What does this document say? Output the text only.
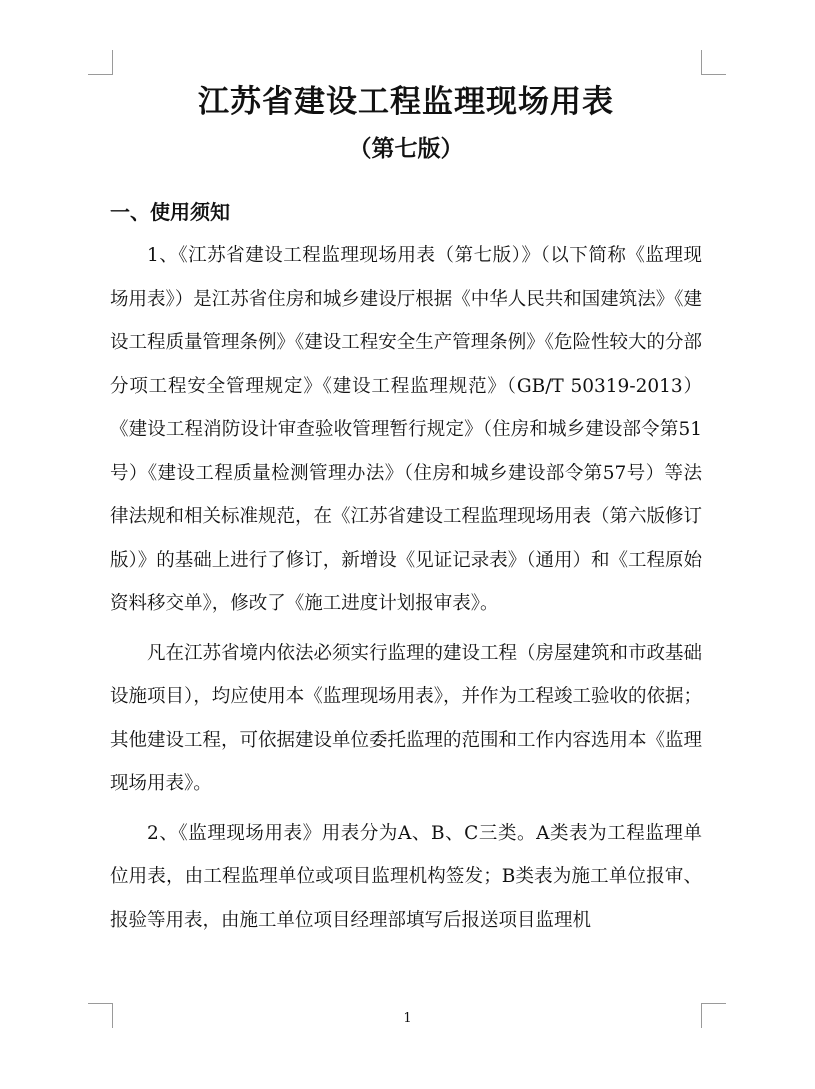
江苏省建设工程监理现场用表
（第七版）
一、使用须知

1、《江苏省建设工程监理现场用表（第七版）》（以下简称《监理现场用表》）是江苏省住房和城乡建设厅根据《中华人民共和国建筑法》《建设工程质量管理条例》《建设工程安全生产管理条例》《危险性较大的分部分项工程安全管理规定》《建设工程监理规范》（GB/T 50319-2013）《建设工程消防设计审查验收管理暂行规定》（住房和城乡建设部令第51号）《建设工程质量检测管理办法》（住房和城乡建设部令第57号）等法律法规和相关标准规范，在《江苏省建设工程监理现场用表（第六版修订版）》的基础上进行了修订，新增设《见证记录表》（通用）和《工程原始资料移交单》，修改了《施工进度计划报审表》。

凡在江苏省境内依法必须实行监理的建设工程（房屋建筑和市政基础设施项目），均应使用本《监理现场用表》，并作为工程竣工验收的依据；其他建设工程，可依据建设单位委托监理的范围和工作内容选用本《监理现场用表》。

2、《监理现场用表》用表分为A、B、C三类。A类表为工程监理单位用表，由工程监理单位或项目监理机构签发；B类表为施工单位报审、报验等用表，由施工单位项目经理部填写后报送项目监理机

1
